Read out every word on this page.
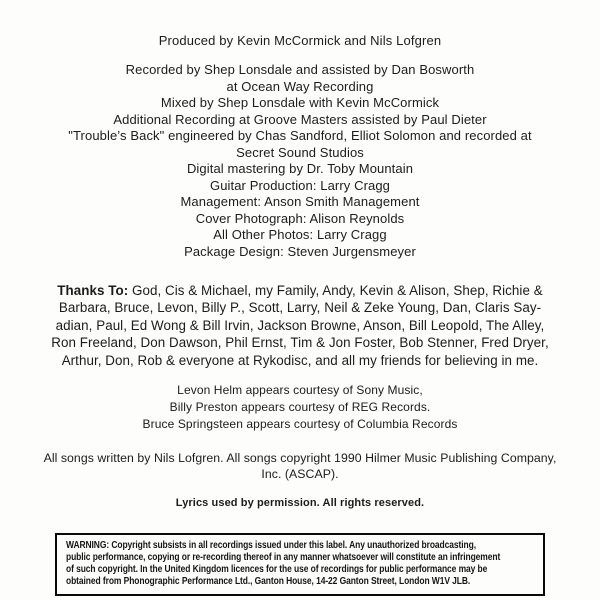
Produced by Kevin McCormick and Nils Lofgren
Recorded by Shep Lonsdale and assisted by Dan Bosworth
at Ocean Way Recording
Mixed by Shep Lonsdale with Kevin McCormick
Additional Recording at Groove Masters assisted by Paul Dieter
"Trouble’s Back" engineered by Chas Sandford, Elliot Solomon and recorded at
Secret Sound Studios
Digital mastering by Dr. Toby Mountain
Guitar Production: Larry Cragg
Management: Anson Smith Management
Cover Photograph: Alison Reynolds
All Other Photos: Larry Cragg
Package Design: Steven Jurgensmeyer
Thanks To: God, Cis & Michael, my Family, Andy, Kevin & Alison, Shep, Richie &
Barbara, Bruce, Levon, Billy P., Scott, Larry, Neil & Zeke Young, Dan, Claris Say-
adian, Paul, Ed Wong & Bill Irvin, Jackson Browne, Anson, Bill Leopold, The Alley,
Ron Freeland, Don Dawson, Phil Ernst, Tim & Jon Foster, Bob Stenner, Fred Dryer,
Arthur, Don, Rob & everyone at Rykodisc, and all my friends for believing in me.
Levon Helm appears courtesy of Sony Music,
Billy Preston appears courtesy of REG Records.
Bruce Springsteen appears courtesy of Columbia Records
All songs written by Nils Lofgren. All songs copyright 1990 Hilmer Music Publishing Company,
Inc. (ASCAP).
Lyrics used by permission. All rights reserved.
WARNING: Copyright subsists in all recordings issued under this label. Any unauthorized broadcasting,
public performance, copying or re-recording thereof in any manner whatsoever will constitute an infringement
of such copyright. In the United Kingdom licences for the use of recordings for public performance may be
obtained from Phonographic Performance Ltd., Ganton House, 14-22 Ganton Street, London W1V JLB.
